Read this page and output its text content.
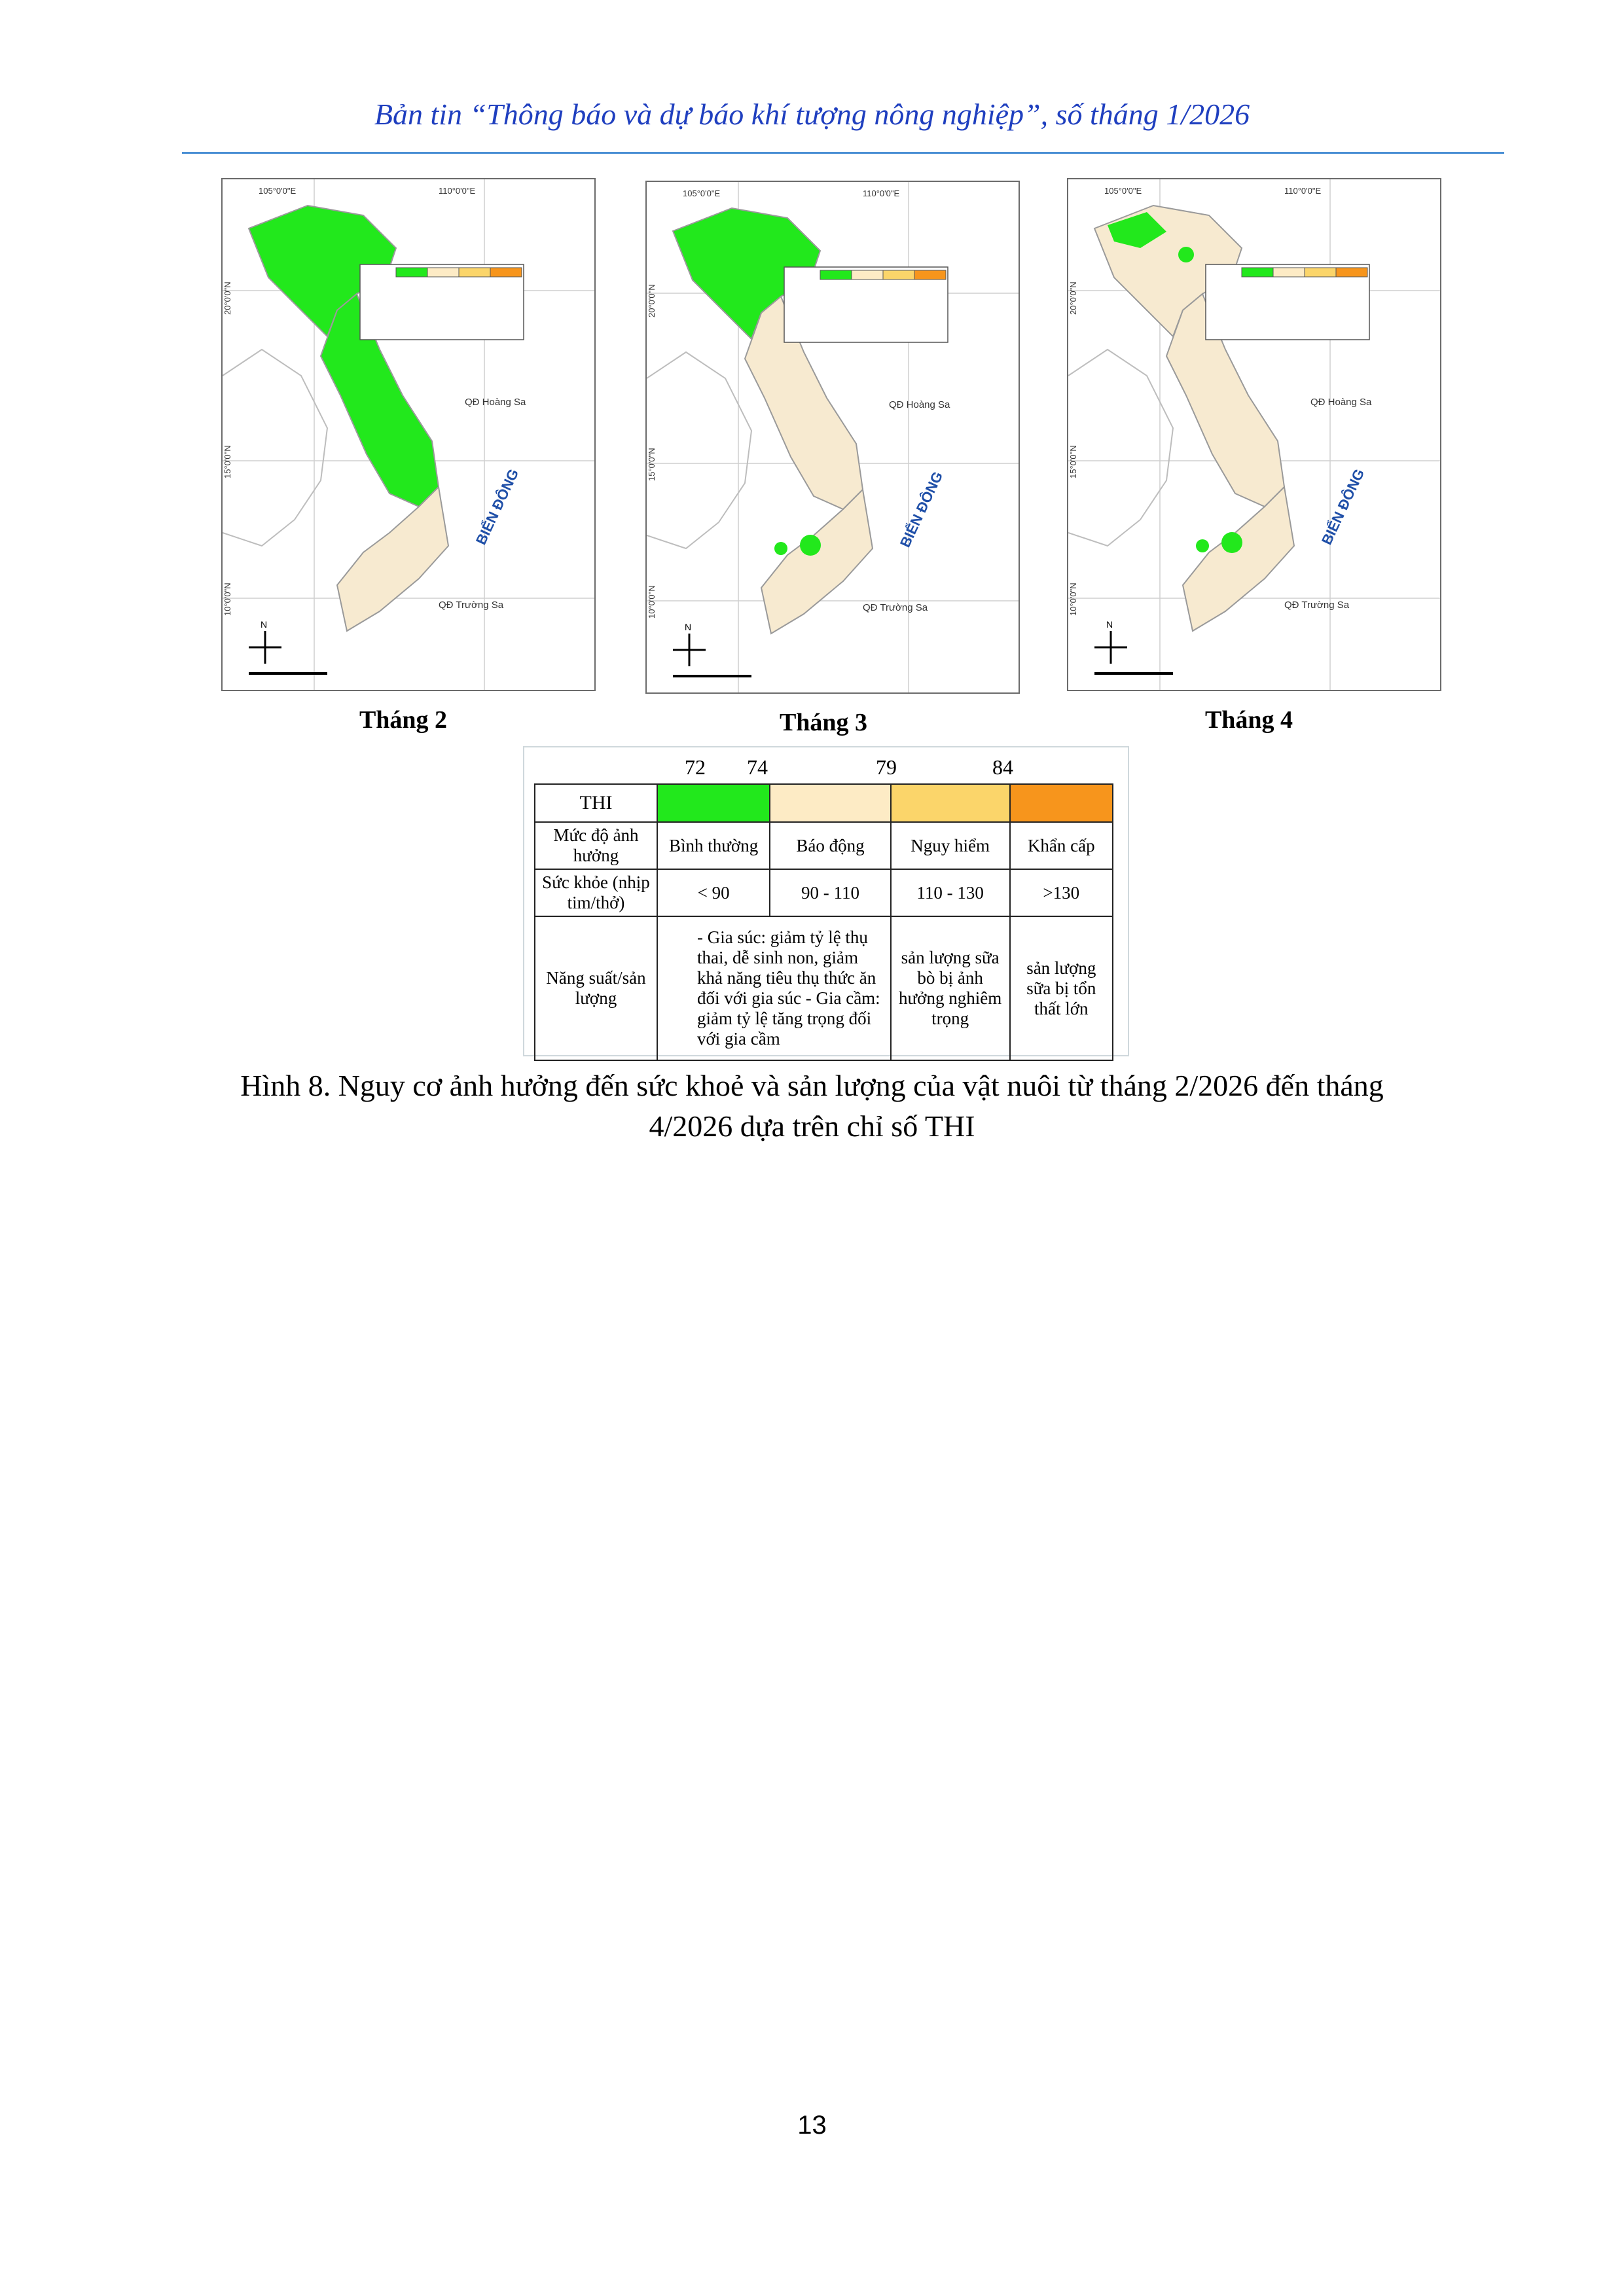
Bản tin “Thông báo và dự báo khí tượng nông nghiệp”, số tháng 1/2026
105°0'0"E	110°0'0"E
20°0'0"N
15°0'0"N
10°0'0"N
QĐ Hoàng Sa
QĐ Trường Sa
BIỂN ĐÔNG
N
105°0'0"E	110°0'0"E
20°0'0"N
15°0'0"N
10°0'0"N
QĐ Hoàng Sa
QĐ Trường Sa
BIỂN ĐÔNG
N
105°0'0"E	110°0'0"E
20°0'0"N
15°0'0"N
10°0'0"N
QĐ Hoàng Sa
QĐ Trường Sa
BIỂN ĐÔNG
N
Tháng 2	Tháng 3	Tháng 4
72 74	79	84
THI				
Mức độ ảnh hưởng	Bình thường	Báo động	Nguy hiểm	Khẩn cấp
Sức khỏe (nhịp tim/thở)	< 90	90 - 110	110 - 130	>130
Năng suất/sản lượng	- Gia súc: giảm tỷ lệ thụ thai, dễ sinh non, giảm khả năng tiêu thụ thức ăn đối với gia súc - Gia cầm: giảm tỷ lệ tăng trọng đối với gia cầm		sản lượng sữa bò bị ảnh hưởng nghiêm trọng	sản lượng sữa bị tổn thất lớn
Hình 8. Nguy cơ ảnh hưởng đến sức khoẻ và sản lượng của vật nuôi từ tháng 2/2026 đến tháng
4/2026 dựa trên chỉ số THI
13
